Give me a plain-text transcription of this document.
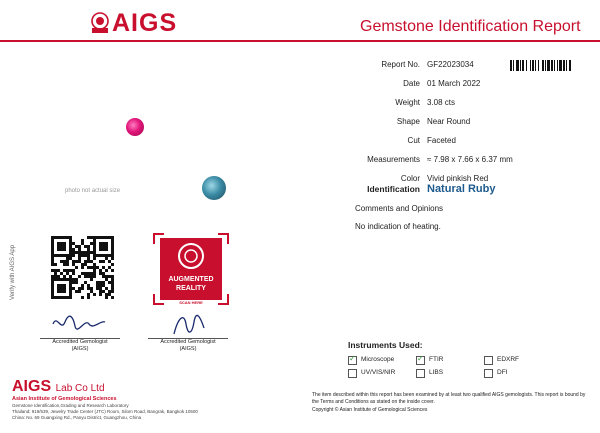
AIGS	Gemstone Identification Report
Report No. GF22023034
Date 01 March 2022
Weight 3.08 cts
Shape Near Round
Cut Faceted
Measurements ≈ 7.98 x 7.66 x 6.37 mm
Color Vivid pinkish Red
Identification Natural Ruby
Comments and Opinions
No indication of heating.
photo not actual size
Verify with AIGS App	AUGMENTED
REALITY
SCAN HERE
Accredited Gemologist
(AIGS)
Accredited Gemologist
(AIGS)	Instruments Used:
✓
Microscope
✓	FTIR	EDXRF
UV/VIS/NIR	LIBS	DFI
AIGS Lab Co Ltd
Asian Institute of Gemological Sciences
Gemstone Identification,Grading and Research Laboratory
Thailand: 919/539, Jewelry Trade Center (JTC) Room, Silom Road, Bangrak, Bangkok 10500
China: No. 69 Guangxing Rd., Panyu District, Guangzhou, China
The item described within this report has been examined by at least two qualified AIGS gemologists. This report is bound by the Terms and Conditions as stated on the inside cover.
Copyright © Asian Institute of Gemological Sciences
